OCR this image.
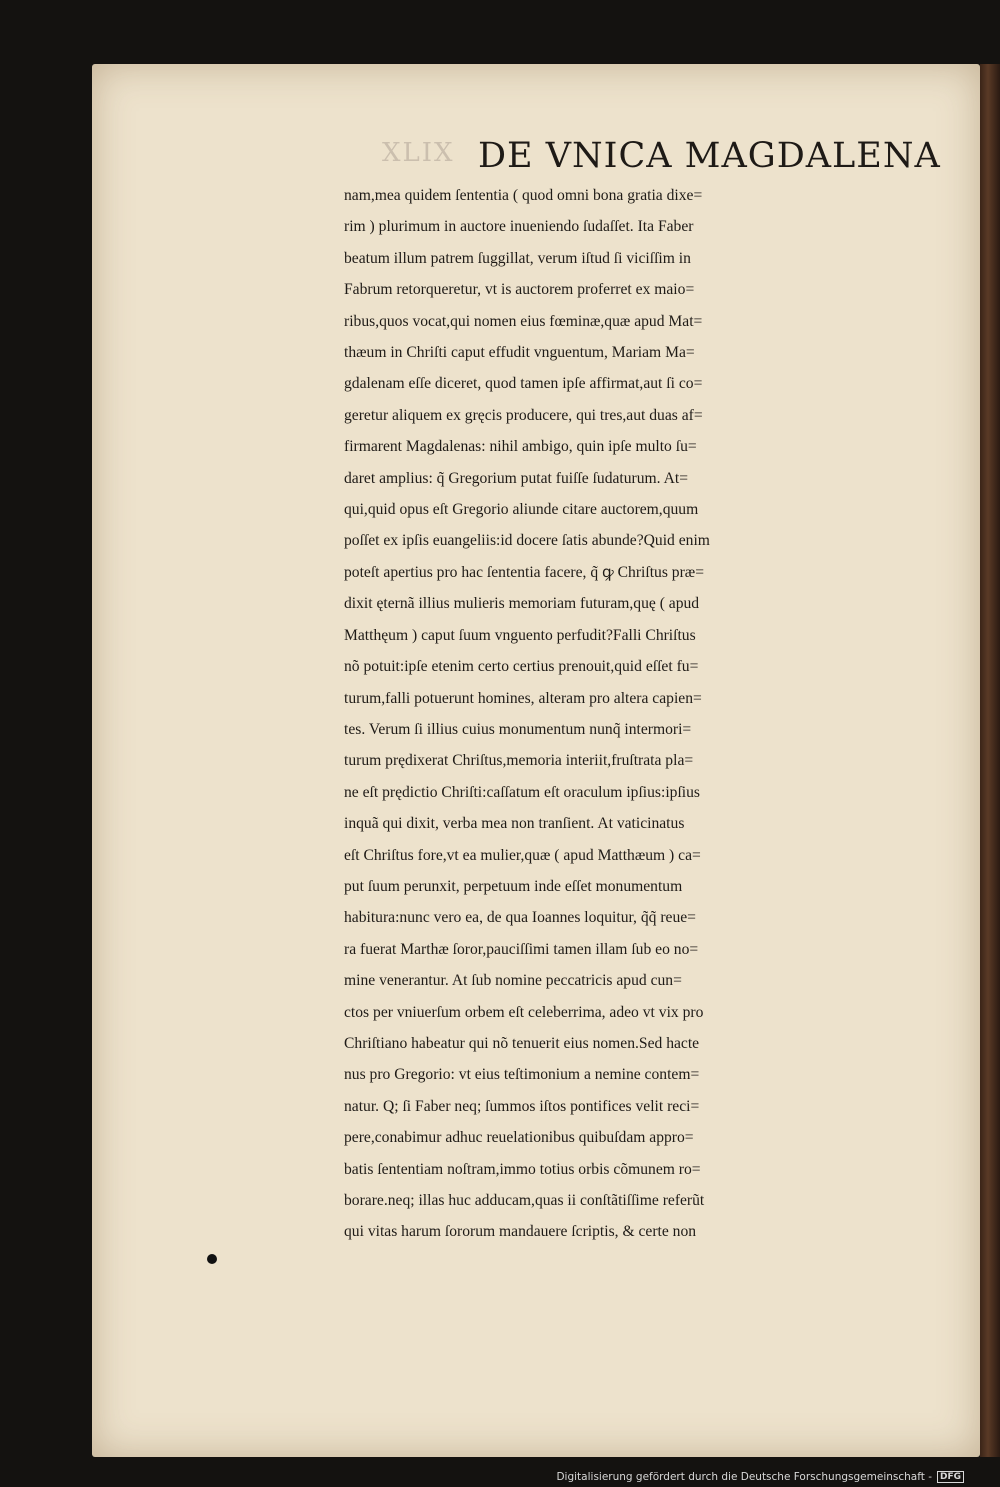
XLIX DE VNICA MAGDALENA
nam,mea quidem ſententia ( quod omni bona gratia dixe=
rim ) plurimum in auctore inueniendo ſudaſſet. Ita Faber
beatum illum patrem ſuggillat, verum iſtud ſi viciſſim in
Fabrum retorqueretur, vt is auctorem proferret ex maio=
ribus,quos vocat,qui nomen eius fœminæ,quæ apud Mat=
thæum in Chriſti caput effudit vnguentum, Mariam Ma=
gdalenam eſſe diceret, quod tamen ipſe affirmat,aut ſi co=
geretur aliquem ex gręcis producere, qui tres,aut duas af=
firmarent Magdalenas: nihil ambigo, quin ipſe multo ſu=
daret amplius: q̃ Gregorium putat fuiſſe ſudaturum. At=
qui,quid opus eſt Gregorio aliunde citare auctorem,quum
poſſet ex ipſis euangeliis:id docere ſatis abunde?Quid enim
poteſt apertius pro hac ſententia facere, q̃ ꝙ Chriſtus præ=
dixit ęternã illius mulieris memoriam futuram,quę ( apud
Matthęum ) caput ſuum vnguento perfudit?Falli Chriſtus
nõ potuit:ipſe etenim certo certius prenouit,quid eſſet fu=
turum,falli potuerunt homines, alteram pro altera capien=
tes. Verum ſi illius cuius monumentum nunq̃ intermori=
turum prędixerat Chriſtus,memoria interiit,fruſtrata pla=
ne eſt prędictio Chriſti:caſſatum eſt oraculum ipſius:ipſius
inquã qui dixit, verba mea non tranſient. At vaticinatus
eſt Chriſtus fore,vt ea mulier,quæ ( apud Matthæum ) ca=
put ſuum perunxit, perpetuum inde eſſet monumentum
habitura:nunc vero ea, de qua Ioannes loquitur, q̃q̃ reue=
ra fuerat Marthæ ſoror,pauciſſimi tamen illam ſub eo no=
mine venerantur. At ſub nomine peccatricis apud cun=
ctos per vniuerſum orbem eſt celeberrima, adeo vt vix pro
Chriſtiano habeatur qui nõ tenuerit eius nomen.Sed hacte
nus pro Gregorio: vt eius teſtimonium a nemine contem=
natur. Q; ſi Faber neq; ſummos iſtos pontifices velit reci=
pere,conabimur adhuc reuelationibus quibuſdam appro=
batis ſententiam noſtram,immo totius orbis cõmunem ro=
borare.neq; illas huc adducam,quas ii conſtãtiſſime referũt
qui vitas harum ſororum mandauere ſcriptis, & certe non
Digitalisierung gefördert durch die Deutsche Forschungsgemeinschaft - DFG
